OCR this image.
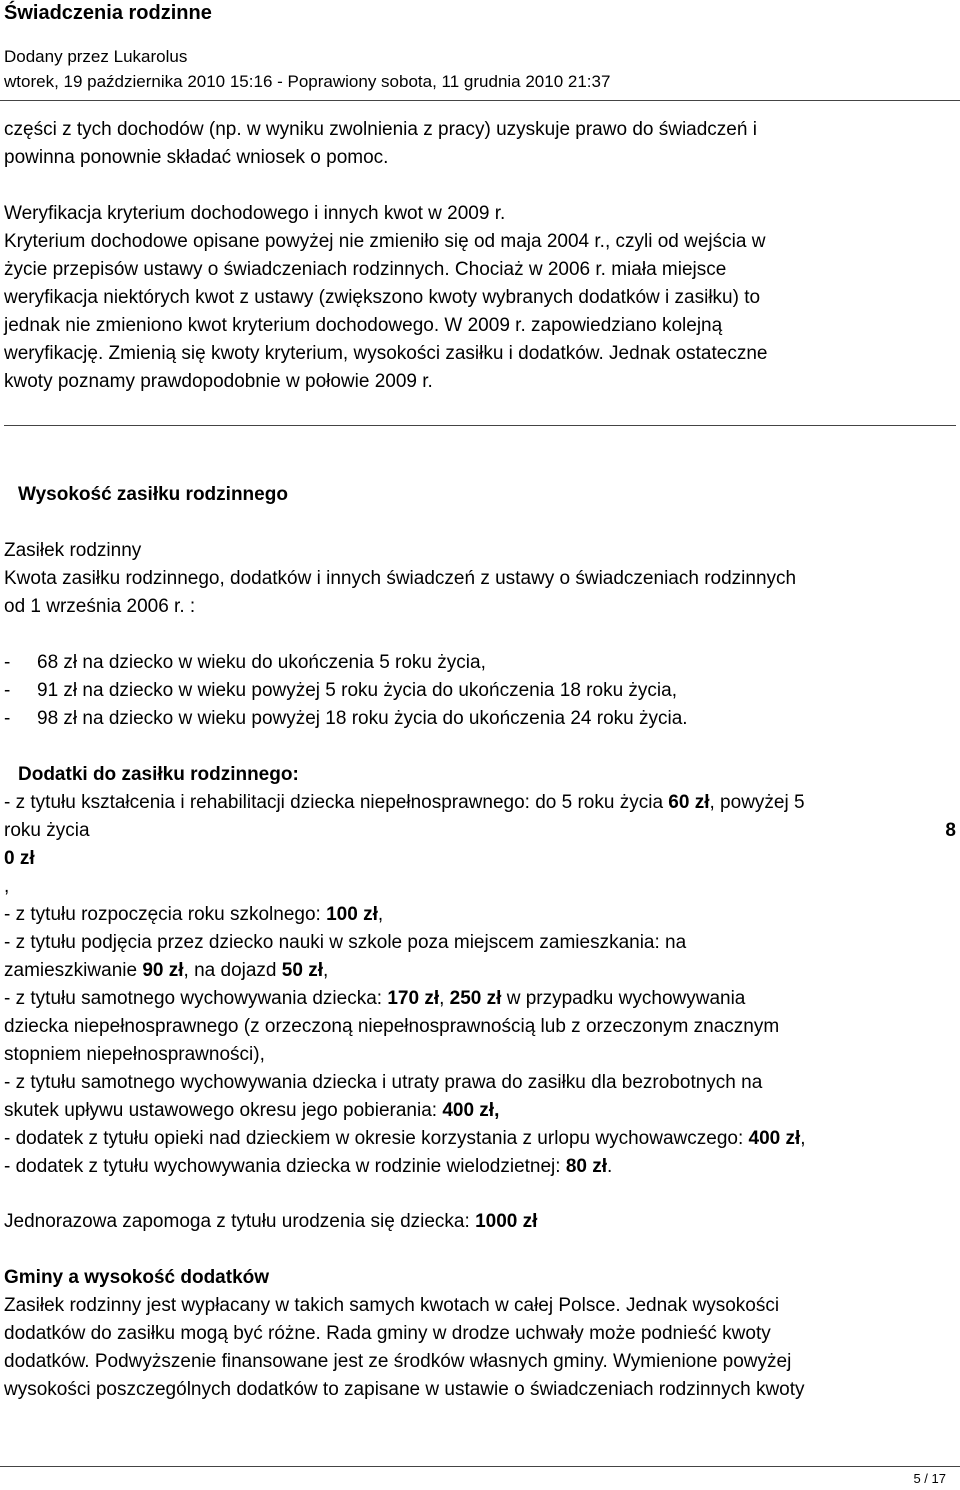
Świadczenia rodzinne
Dodany przez Lukarolus
wtorek, 19 października 2010 15:16 - Poprawiony sobota, 11 grudnia 2010 21:37
części z tych dochodów (np. w wyniku zwolnienia z pracy) uzyskuje prawo do świadczeń i
powinna ponownie składać wniosek o pomoc.
Weryfikacja kryterium dochodowego i innych kwot w 2009 r.
Kryterium dochodowe opisane powyżej nie zmieniło się od maja 2004 r., czyli od wejścia w
życie przepisów ustawy o świadczeniach rodzinnych. Chociaż w 2006 r. miała miejsce
weryfikacja niektórych kwot z ustawy (zwiększono kwoty wybranych dodatków i zasiłku) to
jednak nie zmieniono kwot kryterium dochodowego. W 2009 r. zapowiedziano kolejną
weryfikację. Zmienią się kwoty kryterium, wysokości zasiłku i dodatków. Jednak ostateczne
kwoty poznamy prawdopodobnie w połowie 2009 r.
Wysokość zasiłku rodzinnego
Zasiłek rodzinny
Kwota zasiłku rodzinnego, dodatków i innych świadczeń z ustawy o świadczeniach rodzinnych
od 1 września 2006 r. :
- 68 zł na dziecko w wieku do ukończenia 5 roku życia,
- 91 zł na dziecko w wieku powyżej 5 roku życia do ukończenia 18 roku życia,
- 98 zł na dziecko w wieku powyżej 18 roku życia do ukończenia 24 roku życia.
Dodatki do zasiłku rodzinnego:
- z tytułu kształcenia i rehabilitacji dziecka niepełnosprawnego: do 5 roku życia 60 zł, powyżej 5
roku życia	8
0 zł
,
- z tytułu rozpoczęcia roku szkolnego: 100 zł,
- z tytułu podjęcia przez dziecko nauki w szkole poza miejscem zamieszkania: na
zamieszkiwanie 90 zł, na dojazd 50 zł,
- z tytułu samotnego wychowywania dziecka: 170 zł, 250 zł w przypadku wychowywania
dziecka niepełnosprawnego (z orzeczoną niepełnosprawnością lub z orzeczonym znacznym
stopniem niepełnosprawności),
- z tytułu samotnego wychowywania dziecka i utraty prawa do zasiłku dla bezrobotnych na
skutek upływu ustawowego okresu jego pobierania: 400 zł,
- dodatek z tytułu opieki nad dzieckiem w okresie korzystania z urlopu wychowawczego: 400 zł,
- dodatek z tytułu wychowywania dziecka w rodzinie wielodzietnej: 80 zł.
Jednorazowa zapomoga z tytułu urodzenia się dziecka: 1000 zł
Gminy a wysokość dodatków
Zasiłek rodzinny jest wypłacany w takich samych kwotach w całej Polsce. Jednak wysokości
dodatków do zasiłku mogą być różne. Rada gminy w drodze uchwały może podnieść kwoty
dodatków. Podwyższenie finansowane jest ze środków własnych gminy. Wymienione powyżej
wysokości poszczególnych dodatków to zapisane w ustawie o świadczeniach rodzinnych kwoty
5 / 17
